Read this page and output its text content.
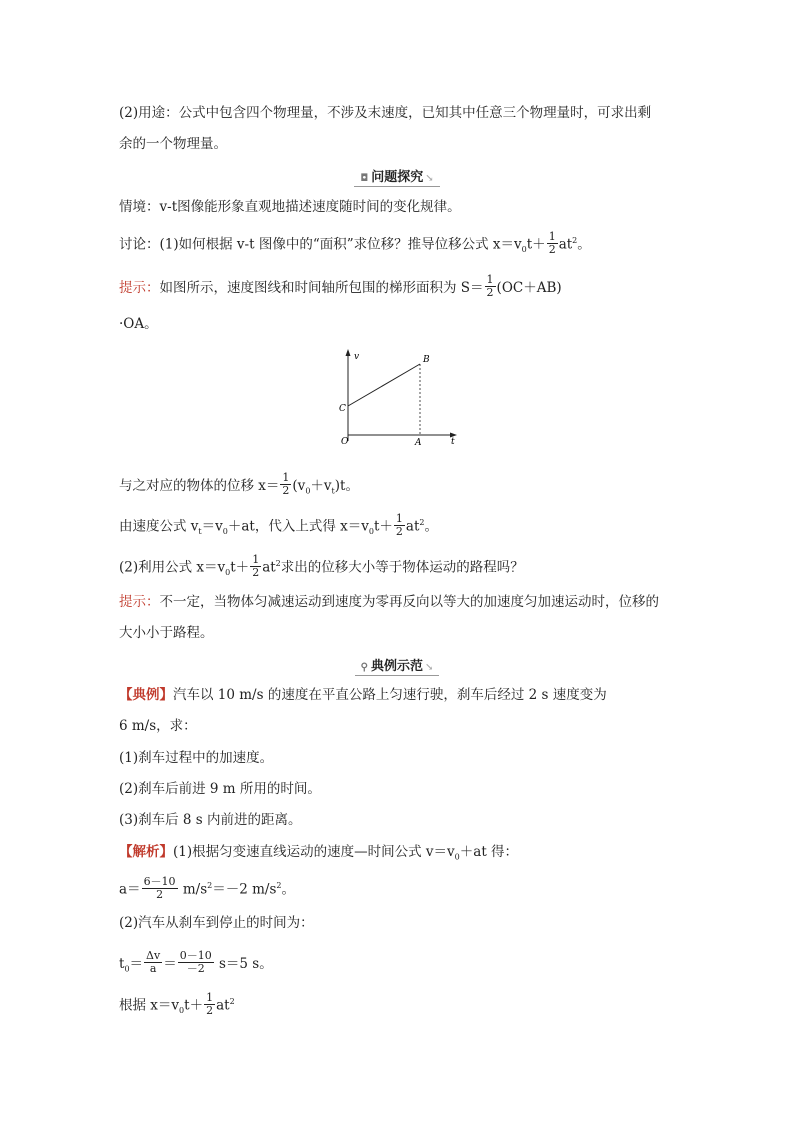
(2)用途：公式中包含四个物理量，不涉及末速度，已知其中任意三个物理量时，可求出剩
余的一个物理量。
◘ 问题探究 ↘
情境：v-t图像能形象直观地描述速度随时间的变化规律。
讨论：(1)如何根据 v-t 图像中的“面积”求位移？推导位移公式 $x=v_0t+ \frac{1}{2} at^2$。
提示：如图所示，速度图线和时间轴所包围的梯形面积为 $S= \frac{1}{2} (OC+AB)$
·OA。
v
t
O
C
B
A
与之对应的物体的位移 $x= \frac{1}{2} (v_0+v_t)t$。
由速度公式 $v_t=v_0+at$，代入上式得 $x=v_0t+ \frac{1}{2} at^2$。
(2)利用公式 $x=v_0t+ \frac{1}{2} at^2$求出的位移大小等于物体运动的路程吗？
提示：不一定，当物体匀减速运动到速度为零再反向以等大的加速度匀加速运动时，位移的
大小小于路程。
⚲ 典例示范 ↘
【典例】汽车以 10 m/s 的速度在平直公路上匀速行驶，刹车后经过 2 s 速度变为
6 m/s，求：
(1)刹车过程中的加速度。
(2)刹车后前进 9 m 所用的时间。
(3)刹车后 8 s 内前进的距离。
【解析】(1)根据匀变速直线运动的速度—时间公式 $v=v_0+at$ 得：
$a= \frac{6-10}{2} m/s^2=-2$ $m/s^2$。
(2)汽车从刹车到停止的时间为：
$t_0= \frac{\Delta v}{a} = \frac{0-10}{-2} s=5$ s。
根据 $x=v_0t+ \frac{1}{2} at^2$
